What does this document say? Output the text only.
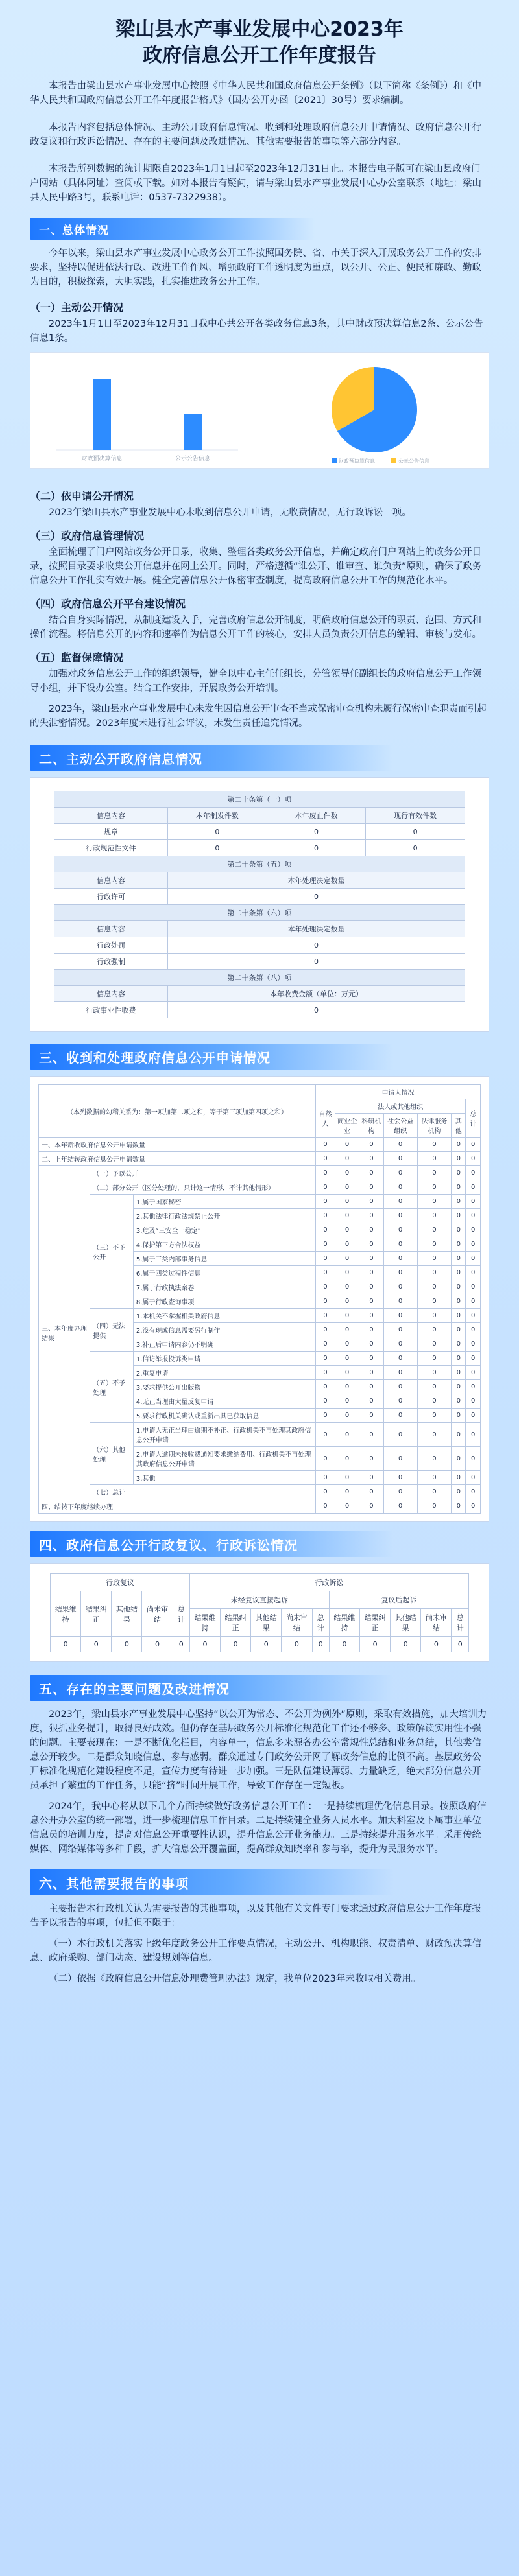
梁山县水产事业发展中心2023年
政府信息公开工作年度报告

本报告由梁山县水产事业发展中心按照《中华人民共和国政府信息公开条例》（以下简称《条例》）和《中华人民共和国政府信息公开工作年度报告格式》（国办公开办函〔2021〕30号）要求编制。

本报告内容包括总体情况、主动公开政府信息情况、收到和处理政府信息公开申请情况、政府信息公开行政复议和行政诉讼情况、存在的主要问题及改进情况、其他需要报告的事项等六部分内容。

本报告所列数据的统计期限自2023年1月1日起至2023年12月31日止。本报告电子版可在梁山县政府门户网站（具体网址）查阅或下载。如对本报告有疑问，请与梁山县水产事业发展中心办公室联系（地址：梁山县人民中路3号，联系电话：0537-7322938）。

一、总体情况

今年以来，梁山县水产事业发展中心政务公开工作按照国务院、省、市关于深入开展政务公开工作的安排要求，坚持以促进依法行政、改进工作作风、增强政府工作透明度为重点，以公开、公正、便民和廉政、勤政为目的，积极探索，大胆实践，扎实推进政务公开工作。

（一）主动公开情况

2023年1月1日至2023年12月31日我中心共公开各类政务信息3条，其中财政预决算信息2条、公示公告信息1条。

财政预决算信息	公示公告信息	财政预决算信息	公示公告信息
（二）依申请公开情况

2023年梁山县水产事业发展中心未收到信息公开申请，无收费情况，无行政诉讼一项。

（三）政府信息管理情况

全面梳理了门户网站政务公开目录，收集、整理各类政务公开信息，并确定政府门户网站上的政务公开目录，按照目录要求收集公开信息并在网上公开。同时，严格遵循“谁公开、谁审查、谁负责”原则，确保了政务信息公开工作扎实有效开展。健全完善信息公开保密审查制度，提高政府信息公开工作的规范化水平。

（四）政府信息公开平台建设情况

结合自身实际情况，从制度建设入手，完善政府信息公开制度，明确政府信息公开的职责、范围、方式和操作流程。将信息公开的内容和速率作为信息公开工作的核心，安排人员负责公开信息的编辑、审核与发布。

（五）监督保障情况

加强对政务信息公开工作的组织领导，健全以中心主任任组长，分管领导任副组长的政府信息公开工作领导小组，并下设办公室。结合工作安排，开展政务公开培训。

2023年，梁山县水产事业发展中心未发生因信息公开审查不当或保密审查机构未履行保密审查职责而引起的失泄密情况。2023年度未进行社会评议，未发生责任追究情况。

二、主动公开政府信息情况
第二十条第（一）项			
信息内容	本年制发件数	本年废止件数	现行有效件数
规章	0	0	0
行政规范性文件	0	0	0
第二十条第（五）项			
信息内容	本年处理决定数量		
行政许可	0		
第二十条第（六）项			
信息内容	本年处理决定数量		
行政处罚	0		
行政强制	0		
第二十条第（八）项			
信息内容	本年收费金额（单位：万元）		
行政事业性收费	0		
三、收到和处理政府信息公开申请情况
（本列数据的勾稽关系为：第一项加第二项之和，等于第三项加第四项之和）			申请人情况						
			自然人	法人或其他组织					总计
				商业企业	科研机构	社会公益组织	法律服务机构	其他	
一、本年新收政府信息公开申请数量			0	0	0	0	0	0	0
二、上年结转政府信息公开申请数量			0	0	0	0	0	0	0
三、本年度办理结果	（一）予以公开		0	0	0	0	0	0	0
	（二）部分公开（区分处理的，只计这一情形，不计其他情形）		0	0	0	0	0	0	0
	（三）不予公开	1.属于国家秘密	0	0	0	0	0	0	0
		2.其他法律行政法规禁止公开	0	0	0	0	0	0	0
		3.危及“三安全一稳定”	0	0	0	0	0	0	0
		4.保护第三方合法权益	0	0	0	0	0	0	0
		5.属于三类内部事务信息	0	0	0	0	0	0	0
		6.属于四类过程性信息	0	0	0	0	0	0	0
		7.属于行政执法案卷	0	0	0	0	0	0	0
		8.属于行政查询事项	0	0	0	0	0	0	0
	（四）无法提供	1.本机关不掌握相关政府信息	0	0	0	0	0	0	0
		2.没有现成信息需要另行制作	0	0	0	0	0	0	0
		3.补正后申请内容仍不明确	0	0	0	0	0	0	0
	（五）不予处理	1.信访举报投诉类申请	0	0	0	0	0	0	0
		2.重复申请	0	0	0	0	0	0	0
		3.要求提供公开出版物	0	0	0	0	0	0	0
		4.无正当理由大量反复申请	0	0	0	0	0	0	0
		5.要求行政机关确认或重新出具已获取信息	0	0	0	0	0	0	0
	（六）其他处理	1.申请人无正当理由逾期不补正、行政机关不再处理其政府信息公开申请	0	0	0	0	0	0	0
		2.申请人逾期未按收费通知要求缴纳费用、行政机关不再处理其政府信息公开申请	0	0	0	0	0	0	0
		3.其他	0	0	0	0	0	0	0
	（七）总计		0	0	0	0	0	0	0
四、结转下年度继续办理			0	0	0	0	0	0	0
四、政府信息公开行政复议、行政诉讼情况
行政复议					行政诉讼									
结果维持	结果纠正	其他结果	尚未审结	总计	未经复议直接起诉					复议后起诉				
					结果维持	结果纠正	其他结果	尚未审结	总计	结果维持	结果纠正	其他结果	尚未审结	总计
0	0	0	0	0	0	0	0	0	0	0	0	0	0	0
五、存在的主要问题及改进情况

2023年，梁山县水产事业发展中心坚持“以公开为常态、不公开为例外”原则，采取有效措施，加大培训力度，狠抓业务提升，取得良好成效。但仍存在基层政务公开标准化规范化工作还不够多、政策解读实用性不强的问题。主要表现在：一是不断优化栏目，内容单一，信息多来源各办公室常规性总结和业务总结，其他类信息公开较少。二是群众知晓信息、参与感弱。群众通过专门政务公开网了解政务信息的比例不高。基层政务公开标准化规范化建设程度不足，宣传力度有待进一步加强。三是队伍建设薄弱、力量缺乏，绝大部分信息公开员承担了繁重的工作任务，只能“挤”时间开展工作，导致工作存在一定短板。

2024年，我中心将从以下几个方面持续做好政务信息公开工作：一是持续梳理优化信息目录。按照政府信息公开办公室的统一部署，进一步梳理信息工作目录。二是持续健全业务人员水平。加大科室及下属事业单位信息员的培训力度，提高对信息公开重要性认识，提升信息公开业务能力。三是持续提升服务水平。采用传统媒体、网络媒体等多种手段，扩大信息公开覆盖面，提高群众知晓率和参与率，提升为民服务水平。

六、其他需要报告的事项

主要报告本行政机关认为需要报告的其他事项，以及其他有关文件专门要求通过政府信息公开工作年度报告予以报告的事项，包括但不限于：

（一）本行政机关落实上级年度政务公开工作要点情况，主动公开、机构职能、权责清单、财政预决算信息、政府采购、部门动态、建设規划等信息。

（二）依据《政府信息公开信息处理费管理办法》规定，我单位2023年未收取相关费用。
